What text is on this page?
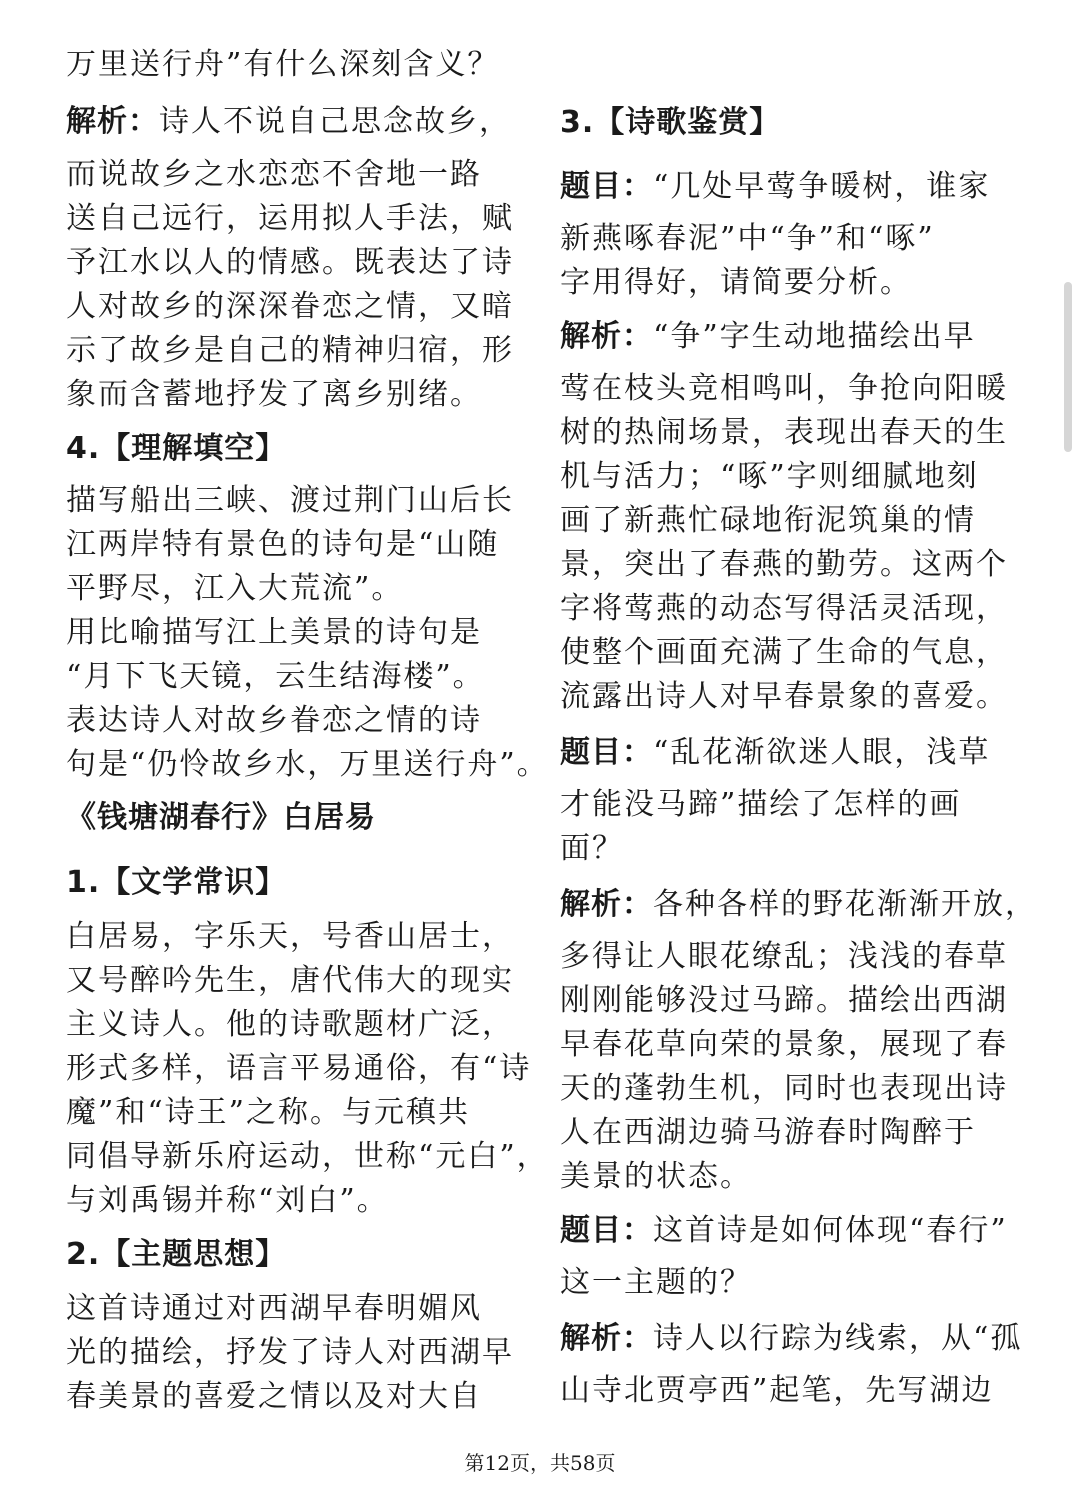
万里送行舟”有什么深刻含义？
解析：诗人不说自己思念故乡，
而说故乡之水恋恋不舍地一路
送自己远行，运用拟人手法，赋
予江水以人的情感。既表达了诗
人对故乡的深深眷恋之情，又暗
示了故乡是自己的精神归宿，形
象而含蓄地抒发了离乡别绪。
4.【理解填空】
描写船出三峡、渡过荆门山后长
江两岸特有景色的诗句是“山随
平野尽，江入大荒流”。
用比喻描写江上美景的诗句是
“月下飞天镜，云生结海楼”。
表达诗人对故乡眷恋之情的诗
句是“仍怜故乡水，万里送行舟”。
《钱塘湖春行》白居易
1.【文学常识】
白居易，字乐天，号香山居士，
又号醉吟先生，唐代伟大的现实
主义诗人。他的诗歌题材广泛，
形式多样，语言平易通俗，有“诗
魔”和“诗王”之称。与元稹共
同倡导新乐府运动，世称“元白”，
与刘禹锡并称“刘白”。
2.【主题思想】
这首诗通过对西湖早春明媚风
光的描绘，抒发了诗人对西湖早
春美景的喜爱之情以及对大自
3.【诗歌鉴赏】
题目：“几处早莺争暖树，谁家
新燕啄春泥”中“争”和“啄”
字用得好，请简要分析。
解析：“争”字生动地描绘出早
莺在枝头竞相鸣叫，争抢向阳暖
树的热闹场景，表现出春天的生
机与活力；“啄”字则细腻地刻
画了新燕忙碌地衔泥筑巢的情
景，突出了春燕的勤劳。这两个
字将莺燕的动态写得活灵活现，
使整个画面充满了生命的气息，
流露出诗人对早春景象的喜爱。
题目：“乱花渐欲迷人眼，浅草
才能没马蹄”描绘了怎样的画
面？
解析：各种各样的野花渐渐开放，
多得让人眼花缭乱；浅浅的春草
刚刚能够没过马蹄。描绘出西湖
早春花草向荣的景象，展现了春
天的蓬勃生机，同时也表现出诗
人在西湖边骑马游春时陶醉于
美景的状态。
题目：这首诗是如何体现“春行”
这一主题的？
解析：诗人以行踪为线索，从“孤
山寺北贾亭西”起笔，先写湖边
第12页，共58页
